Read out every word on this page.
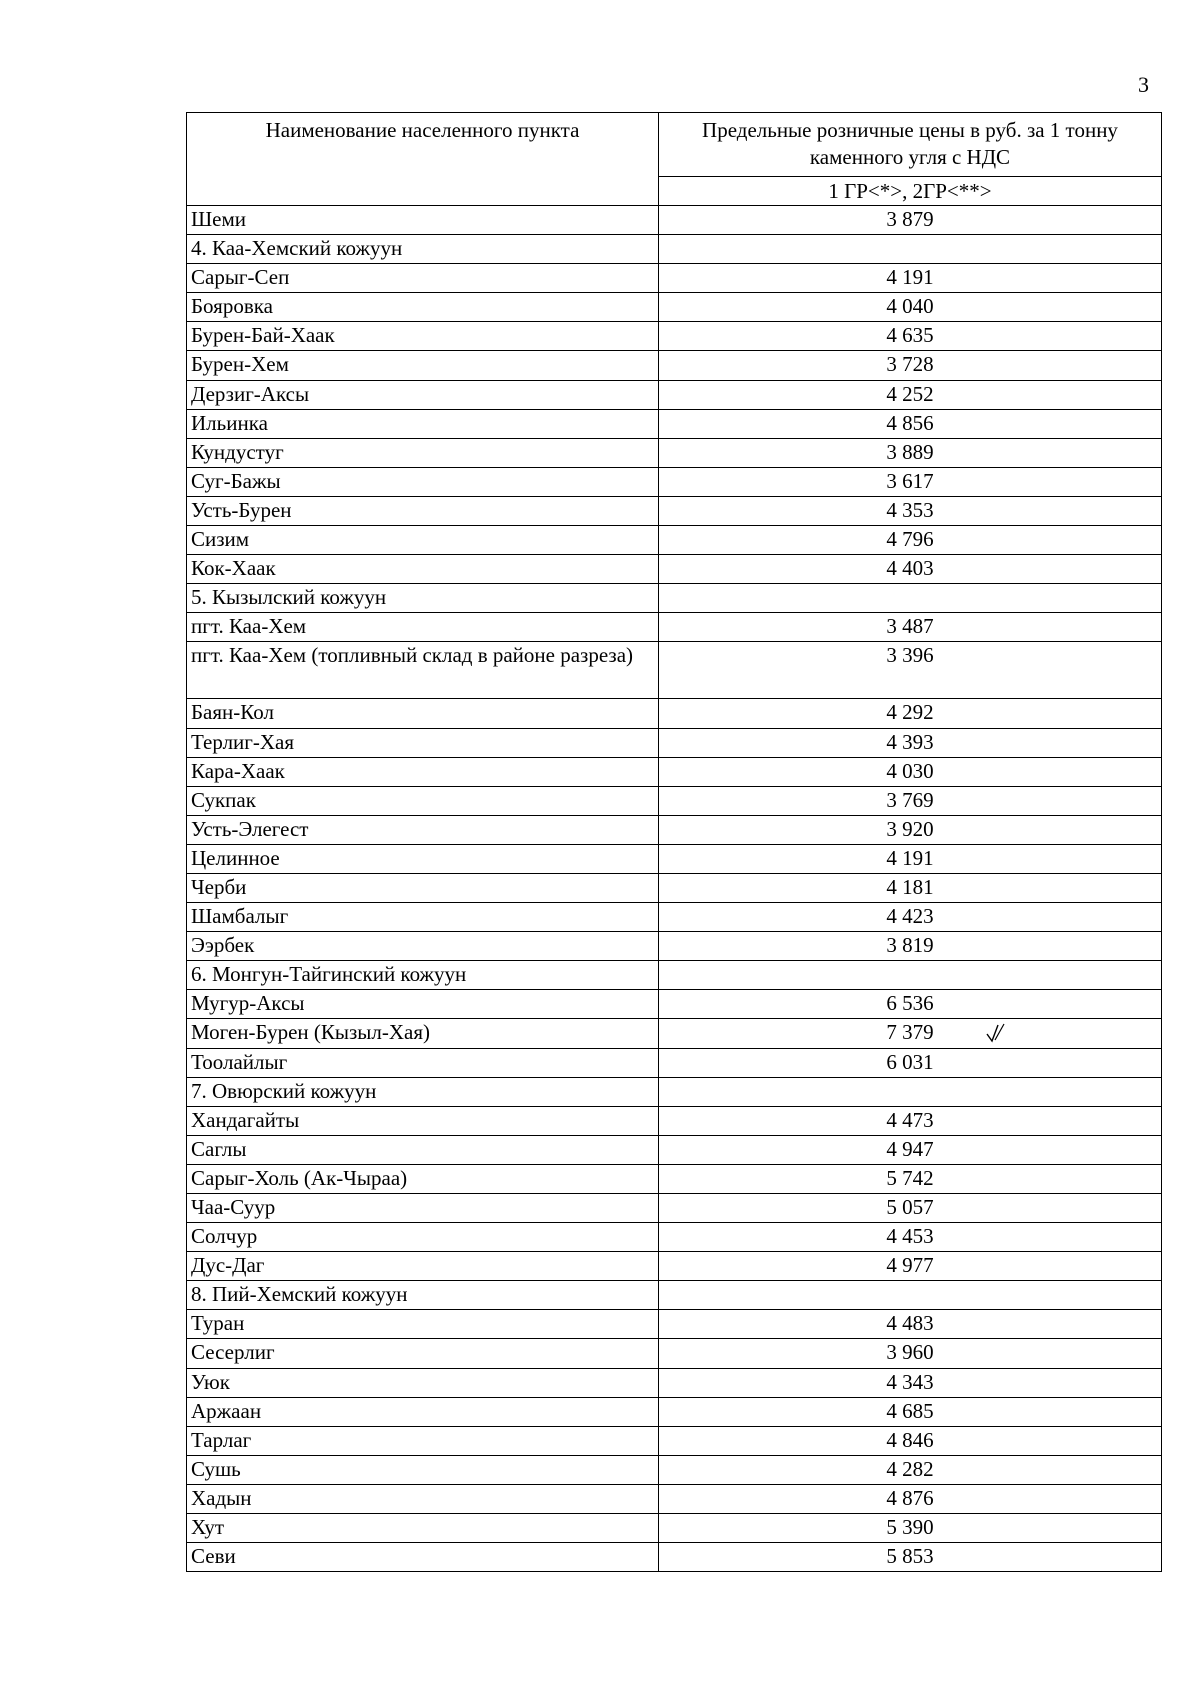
3
Наименование населенного пункта	Предельные розничные цены в руб. за 1 тонну каменного угля с НДС
	1 ГР<*>, 2ГР<**>
Шеми	3 879
4. Каа-Хемский кожуун	
Сарыг-Сеп	4 191
Бояровка	4 040
Бурен-Бай-Хаак	4 635
Бурен-Хем	3 728
Дерзиг-Аксы	4 252
Ильинка	4 856
Кундустуг	3 889
Суг-Бажы	3 617
Усть-Бурен	4 353
Сизим	4 796
Кок-Хаак	4 403
5. Кызылский кожуун	
пгт. Каа-Хем	3 487
пгт. Каа-Хем (топливный склад в районе разреза)	3 396
Баян-Кол	4 292
Терлиг-Хая	4 393
Кара-Хаак	4 030
Сукпак	3 769
Усть-Элегест	3 920
Целинное	4 191
Черби	4 181
Шамбалыг	4 423
Ээрбек	3 819
6. Монгун-Тайгинский кожуун	
Мугур-Аксы	6 536
Моген-Бурен (Кызыл-Хая)	7 379
Тоолайлыг	6 031
7. Овюрский кожуун	
Хандагайты	4 473
Саглы	4 947
Сарыг-Холь (Ак-Чыраа)	5 742
Чаа-Суур	5 057
Солчур	4 453
Дус-Даг	4 977
8. Пий-Хемский кожуун	
Туран	4 483
Сесерлиг	3 960
Уюк	4 343
Аржаан	4 685
Тарлаг	4 846
Сушь	4 282
Хадын	4 876
Хут	5 390
Севи	5 853
